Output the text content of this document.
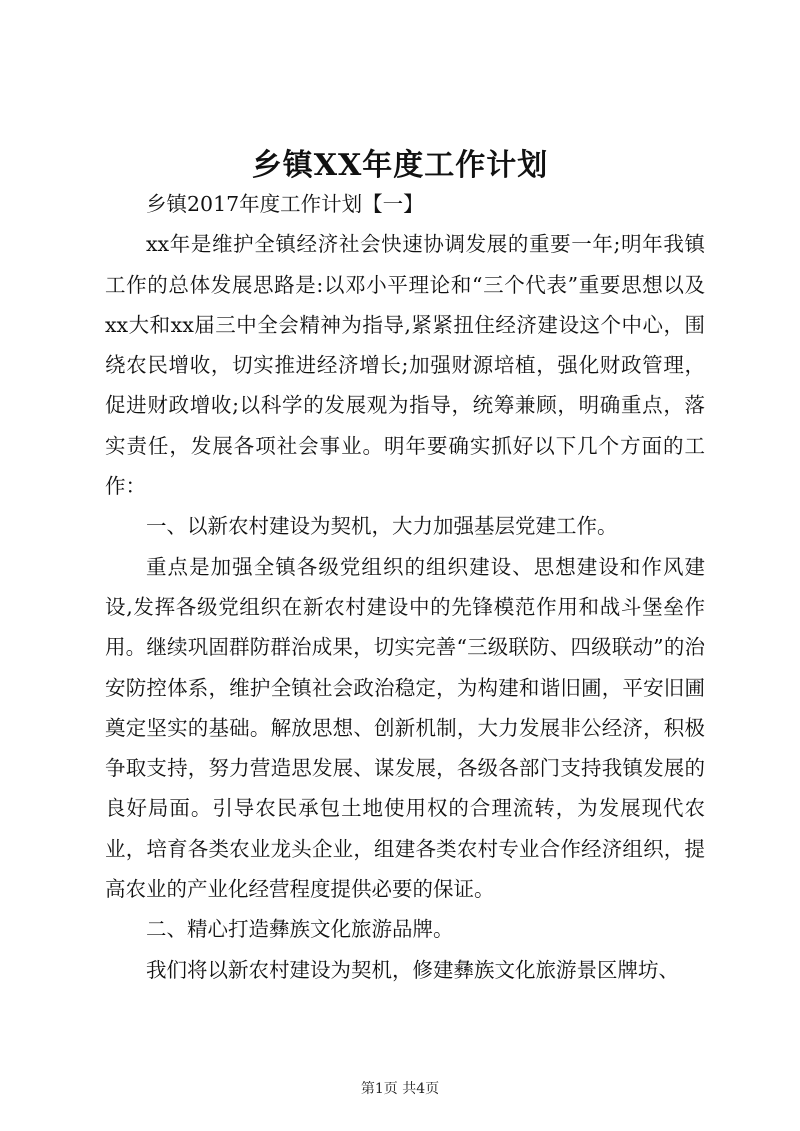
乡镇XX年度工作计划

乡镇2017年度工作计划【一】

xx年是维护全镇经济社会快速协调发展的重要一年;明年我镇工作的总体发展思路是:以邓小平理论和“三个代表”重要思想以及xx大和xx届三中全会精神为指导,紧紧扭住经济建设这个中心，围绕农民增收，切实推进经济增长;加强财源培植，强化财政管理，促进财政增收;以科学的发展观为指导，统筹兼顾，明确重点，落实责任，发展各项社会事业。明年要确实抓好以下几个方面的工作：

一、以新农村建设为契机，大力加强基层党建工作。

重点是加强全镇各级党组织的组织建设、思想建设和作风建设,发挥各级党组织在新农村建设中的先锋模范作用和战斗堡垒作用。继续巩固群防群治成果，切实完善“三级联防、四级联动”的治安防控体系，维护全镇社会政治稳定，为构建和谐旧圃，平安旧圃奠定坚实的基础。解放思想、创新机制，大力发展非公经济，积极争取支持，努力营造思发展、谋发展，各级各部门支持我镇发展的良好局面。引导农民承包土地使用权的合理流转，为发展现代农业，培育各类农业龙头企业，组建各类农村专业合作经济组织，提高农业的产业化经营程度提供必要的保证。

二、精心打造彝族文化旅游品牌。

我们将以新农村建设为契机，修建彝族文化旅游景区牌坊、

第1页 共4页
